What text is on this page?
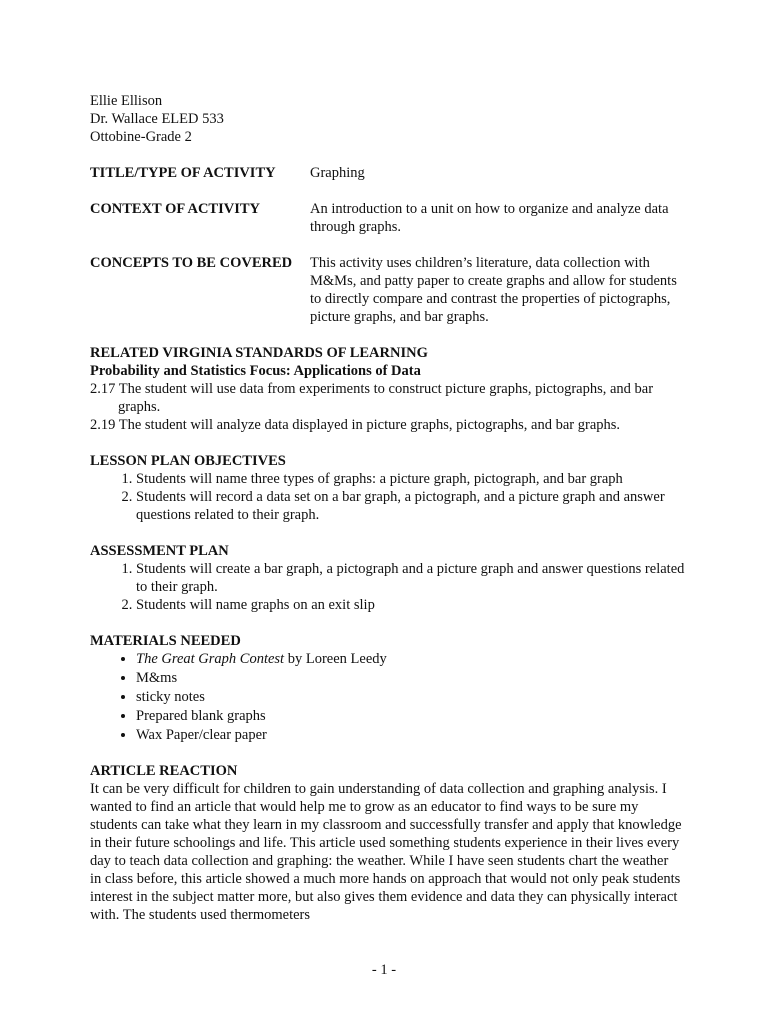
Ellie Ellison
Dr. Wallace ELED 533
Ottobine-Grade 2
TITLE/TYPE OF ACTIVITY	Graphing
CONTEXT OF ACTIVITY	An introduction to a unit on how to organize and analyze data through graphs.
CONCEPTS TO BE COVERED	This activity uses children’s literature, data collection with M&Ms, and patty paper to create graphs and allow for students to directly compare and contrast the properties of pictographs, picture graphs, and bar graphs.
RELATED VIRGINIA STANDARDS OF LEARNING
Probability and Statistics Focus: Applications of Data
2.17 The student will use data from experiments to construct picture graphs, pictographs, and bar graphs.
2.19 The student will analyze data displayed in picture graphs, pictographs, and bar graphs.
LESSON PLAN OBJECTIVES
1. Students will name three types of graphs: a picture graph, pictograph, and bar graph
2. Students will record a data set on a bar graph, a pictograph, and a picture graph and answer questions related to their graph.
ASSESSMENT PLAN
1. Students will create a bar graph, a pictograph and a picture graph and answer questions related to their graph.
2. Students will name graphs on an exit slip
MATERIALS NEEDED
• The Great Graph Contest by Loreen Leedy
• M&ms
• sticky notes
• Prepared blank graphs
• Wax Paper/clear paper
ARTICLE REACTION
It can be very difficult for children to gain understanding of data collection and graphing analysis. I wanted to find an article that would help me to grow as an educator to find ways to be sure my students can take what they learn in my classroom and successfully transfer and apply that knowledge in their future schoolings and life. This article used something students experience in their lives every day to teach data collection and graphing: the weather. While I have seen students chart the weather in class before, this article showed a much more hands on approach that would not only peak students interest in the subject matter more, but also gives them evidence and data they can physically interact with. The students used thermometers
- 1 -
